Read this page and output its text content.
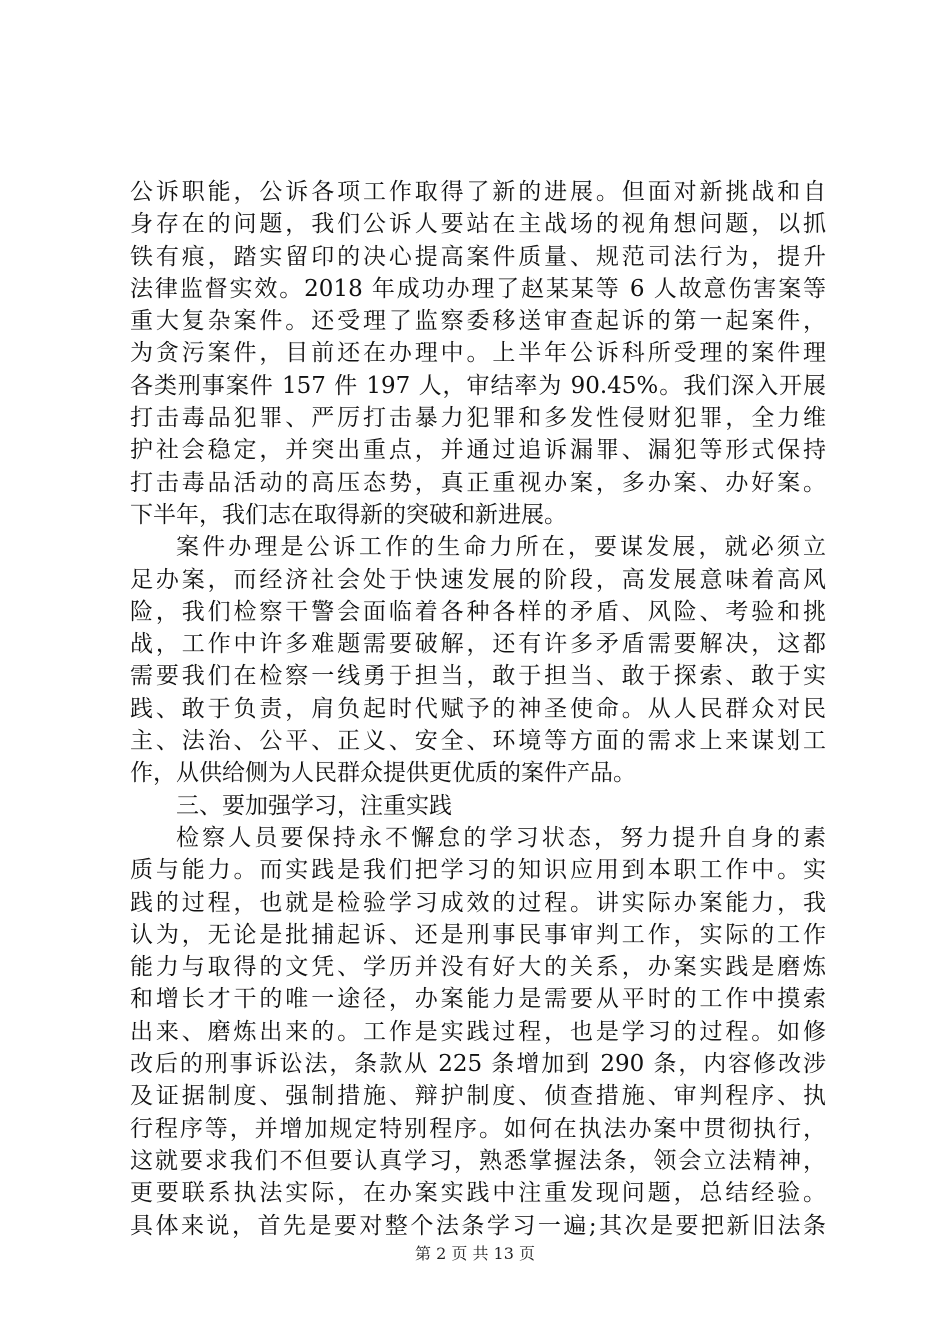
公诉职能，公诉各项工作取得了新的进展。但面对新挑战和自
身存在的问题，我们公诉人要站在主战场的视角想问题，以抓
铁有痕，踏实留印的决心提高案件质量、规范司法行为，提升
法律监督实效。2018 年成功办理了赵某某等 6 人故意伤害案等
重大复杂案件。还受理了监察委移送审查起诉的第一起案件，
为贪污案件，目前还在办理中。上半年公诉科所受理的案件理
各类刑事案件 157 件 197 人，审结率为 90.45%。我们深入开展
打击毒品犯罪、严厉打击暴力犯罪和多发性侵财犯罪，全力维
护社会稳定，并突出重点，并通过追诉漏罪、漏犯等形式保持
打击毒品活动的高压态势，真正重视办案，多办案、办好案。
下半年，我们志在取得新的突破和新进展。
案件办理是公诉工作的生命力所在，要谋发展，就必须立
足办案，而经济社会处于快速发展的阶段，高发展意味着高风
险，我们检察干警会面临着各种各样的矛盾、风险、考验和挑
战，工作中许多难题需要破解，还有许多矛盾需要解决，这都
需要我们在检察一线勇于担当，敢于担当、敢于探索、敢于实
践、敢于负责，肩负起时代赋予的神圣使命。从人民群众对民
主、法治、公平、正义、安全、环境等方面的需求上来谋划工
作，从供给侧为人民群众提供更优质的案件产品。
三、要加强学习，注重实践
检察人员要保持永不懈怠的学习状态，努力提升自身的素
质与能力。而实践是我们把学习的知识应用到本职工作中。实
践的过程，也就是检验学习成效的过程。讲实际办案能力，我
认为，无论是批捕起诉、还是刑事民事审判工作，实际的工作
能力与取得的文凭、学历并没有好大的关系，办案实践是磨炼
和增长才干的唯一途径，办案能力是需要从平时的工作中摸索
出来、磨炼出来的。工作是实践过程，也是学习的过程。如修
改后的刑事诉讼法，条款从 225 条增加到 290 条，内容修改涉
及证据制度、强制措施、辩护制度、侦查措施、审判程序、执
行程序等，并增加规定特别程序。如何在执法办案中贯彻执行，
这就要求我们不但要认真学习，熟悉掌握法条，领会立法精神，
更要联系执法实际，在办案实践中注重发现问题，总结经验。
具体来说，首先是要对整个法条学习一遍;其次是要把新旧法条
第 2 页 共 13 页
